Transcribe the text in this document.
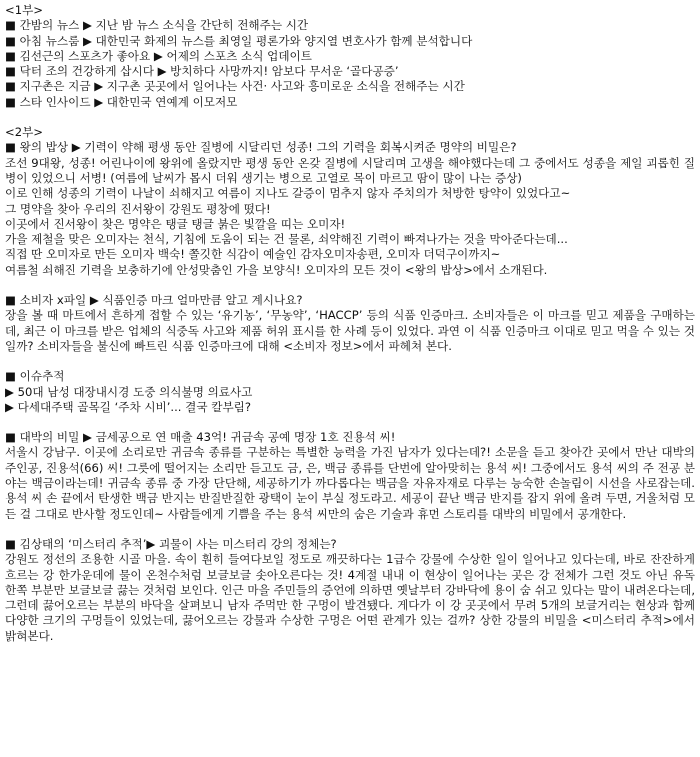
<1부>
■ 간밤의 뉴스 ▶ 지난 밤 뉴스 소식을 간단히 전해주는 시간
■ 아침 뉴스룸 ▶ 대한민국 화제의 뉴스를 최영일 평론가와 양지열 변호사가 함께 분석합니다
■ 김선근의 스포츠가 좋아요 ▶ 어제의 스포츠 소식 업데이트
■ 닥터 조의 건강하게 삽시다 ▶ 방치하다 사망까지! 암보다 무서운 ‘골다공증’
■ 지구촌은 지금 ▶ 지구촌 곳곳에서 일어나는 사건· 사고와 흥미로운 소식을 전해주는 시간
■ 스타 인사이드 ▶ 대한민국 연예계 이모저모
<2부>
■ 왕의 밥상 ▶ 기력이 약해 평생 동안 질병에 시달리던 성종! 그의 기력을 회복시켜준 명약의 비밀은?
조선 9대왕, 성종! 어린나이에 왕위에 올랐지만 평생 동안 온갖 질병에 시달리며 고생을 해야했다는데 그 중에서도 성종을 제일 괴롭힌 질병이 있었으니 서병! (여름에 날씨가 몹시 더워 생기는 병으로 고열로 목이 마르고 땀이 많이 나는 증상)
이로 인해 성종의 기력이 나날이 쇠해지고 여름이 지나도 갈증이 멈추지 않자 주치의가 처방한 탕약이 있었다고~
그 명약을 찾아 우리의 진서왕이 강원도 평창에 떴다!
이곳에서 진서왕이 찾은 명약은 탱글 탱글 붉은 빛깔을 띠는 오미자!
가을 제철을 맞은 오미자는 천식, 기침에 도움이 되는 건 물론, 쇠약해진 기력이 빠져나가는 것을 막아준다는데...
직접 딴 오미자로 만든 오미자 백숙! 쫄깃한 식감이 예술인 감자오미자송편, 오미자 더덕구이까지~
여름철 쇠해진 기력을 보충하기에 안성맞춤인 가을 보양식! 오미자의 모든 것이 <왕의 밥상>에서 소개된다.
■ 소비자 x파일 ▶ 식품인증 마크 얼마만큼 알고 계시나요?
장을 볼 때 마트에서 흔하게 접할 수 있는 ‘유기농’, ‘무농약’, ‘HACCP’ 등의 식품 인증마크. 소비자들은 이 마크를 믿고 제품을 구매하는데, 최근 이 마크를 받은 업체의 식중독 사고와 제품 허위 표시를 한 사례 등이 있었다. 과연 이 식품 인증마크 이대로 믿고 먹을 수 있는 것일까? 소비자들을 불신에 빠트린 식품 인증마크에 대해 <소비자 정보>에서 파헤쳐 본다.
■ 이슈추적
▶ 50대 남성 대장내시경 도중 의식불명 의료사고
▶ 다세대주택 골목길 ‘주차 시비’... 결국 칼부림?
■ 대박의 비밀 ▶ 금세공으로 연 매출 43억! 귀금속 공예 명장 1호 진용석 씨!
서울시 강남구. 이곳에 소리로만 귀금속 종류를 구분하는 특별한 능력을 가진 남자가 있다는데?! 소문을 듣고 찾아간 곳에서 만난 대박의 주인공, 진용석(66) 씨! 그릇에 떨어지는 소리만 듣고도 금, 은, 백금 종류를 단번에 알아맞히는 용석 씨! 그중에서도 용석 씨의 주 전공 분야는 백금이라는데! 귀금속 종류 중 가장 단단해, 세공하기가 까다롭다는 백금을 자유자재로 다루는 능숙한 손놀림이 시선을 사로잡는데. 용석 씨 손 끝에서 탄생한 백금 반지는 반질반질한 광택이 눈이 부실 정도라고. 세공이 끝난 백금 반지를 잡지 위에 올려 두면, 거울처럼 모든 걸 그대로 반사할 정도인데~ 사람들에게 기쁨을 주는 용석 씨만의 숨은 기술과 휴먼 스토리를 대박의 비밀에서 공개한다.
■ 김상태의 ‘미스터리 추적’▶ 괴물이 사는 미스터리 강의 정체는?
강원도 정선의 조용한 시골 마을. 속이 훤히 들여다보일 정도로 깨끗하다는 1급수 강물에 수상한 일이 일어나고 있다는데, 바로 잔잔하게 흐르는 강 한가운데에 물이 온천수처럼 보글보글 솟아오른다는 것! 4계절 내내 이 현상이 일어나는 곳은 강 전체가 그런 것도 아닌 유독 한쪽 부분만 보글보글 끓는 것처럼 보인다. 인근 마을 주민들의 증언에 의하면 옛날부터 강바닥에 용이 숨 쉬고 있다는 말이 내려온다는데, 그런데 끓어오르는 부분의 바닥을 살펴보니 남자 주먹만 한 구멍이 발견됐다. 게다가 이 강 곳곳에서 무려 5개의 보글거리는 현상과 함께 다양한 크기의 구멍들이 있었는데, 끓어오르는 강물과 수상한 구멍은 어떤 관계가 있는 걸까? 상한 강물의 비밀을 <미스터리 추적>에서 밝혀본다.
